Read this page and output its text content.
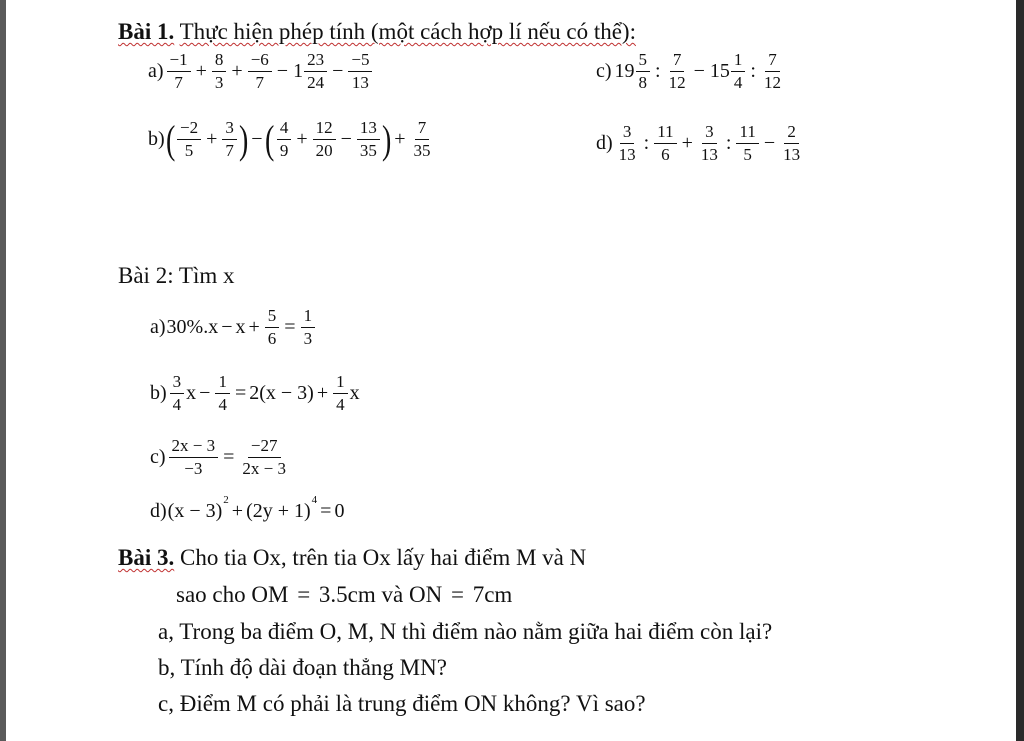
Bài 1. Thực hiện phép tính (một cách hợp lí nếu có thể):
$a) \frac{-1}{7} + \frac{8}{3} + \frac{-6}{7} - 1 \frac{23}{24} - \frac{-5}{13}$	c) $19 \frac{5}{8}$ : $\frac{7}{12} - 15 \frac{1}{4}$ : $\frac{7}{12}$
b) ( $\frac{-2}{5} + \frac{3}{7}$ ) − ( $\frac{4}{9} + \frac{12}{20} - \frac{13}{35}$ ) + $\frac{7}{35}$	$d) \frac{3}{13}$ : $\frac{11}{6} + \frac{3}{13}$ : $\frac{11}{5} - \frac{2}{13}$
Bài 2: Tìm x
a) $30\%.x - x + \frac{5}{6} = \frac{1}{3}$
$b) \frac{3}{4}$ $x - \frac{1}{4} = 2(x - 3) + \frac{1}{4}$ x
$c) \frac{2x - 3}{-3} = \frac{-27}{2x - 3}$
d) (x − 3)
2
+ (2y + 1)
4
= 0
Bài 3. Cho tia Ox, trên tia Ox lấy hai điểm M và N
sao cho OM = 3.5cm và ON = 7cm
a, Trong ba điểm O, M, N thì điểm nào nằm giữa hai điểm còn lại?
b, Tính độ dài đoạn thẳng MN?
c, Điểm M có phải là trung điểm ON không? Vì sao?
